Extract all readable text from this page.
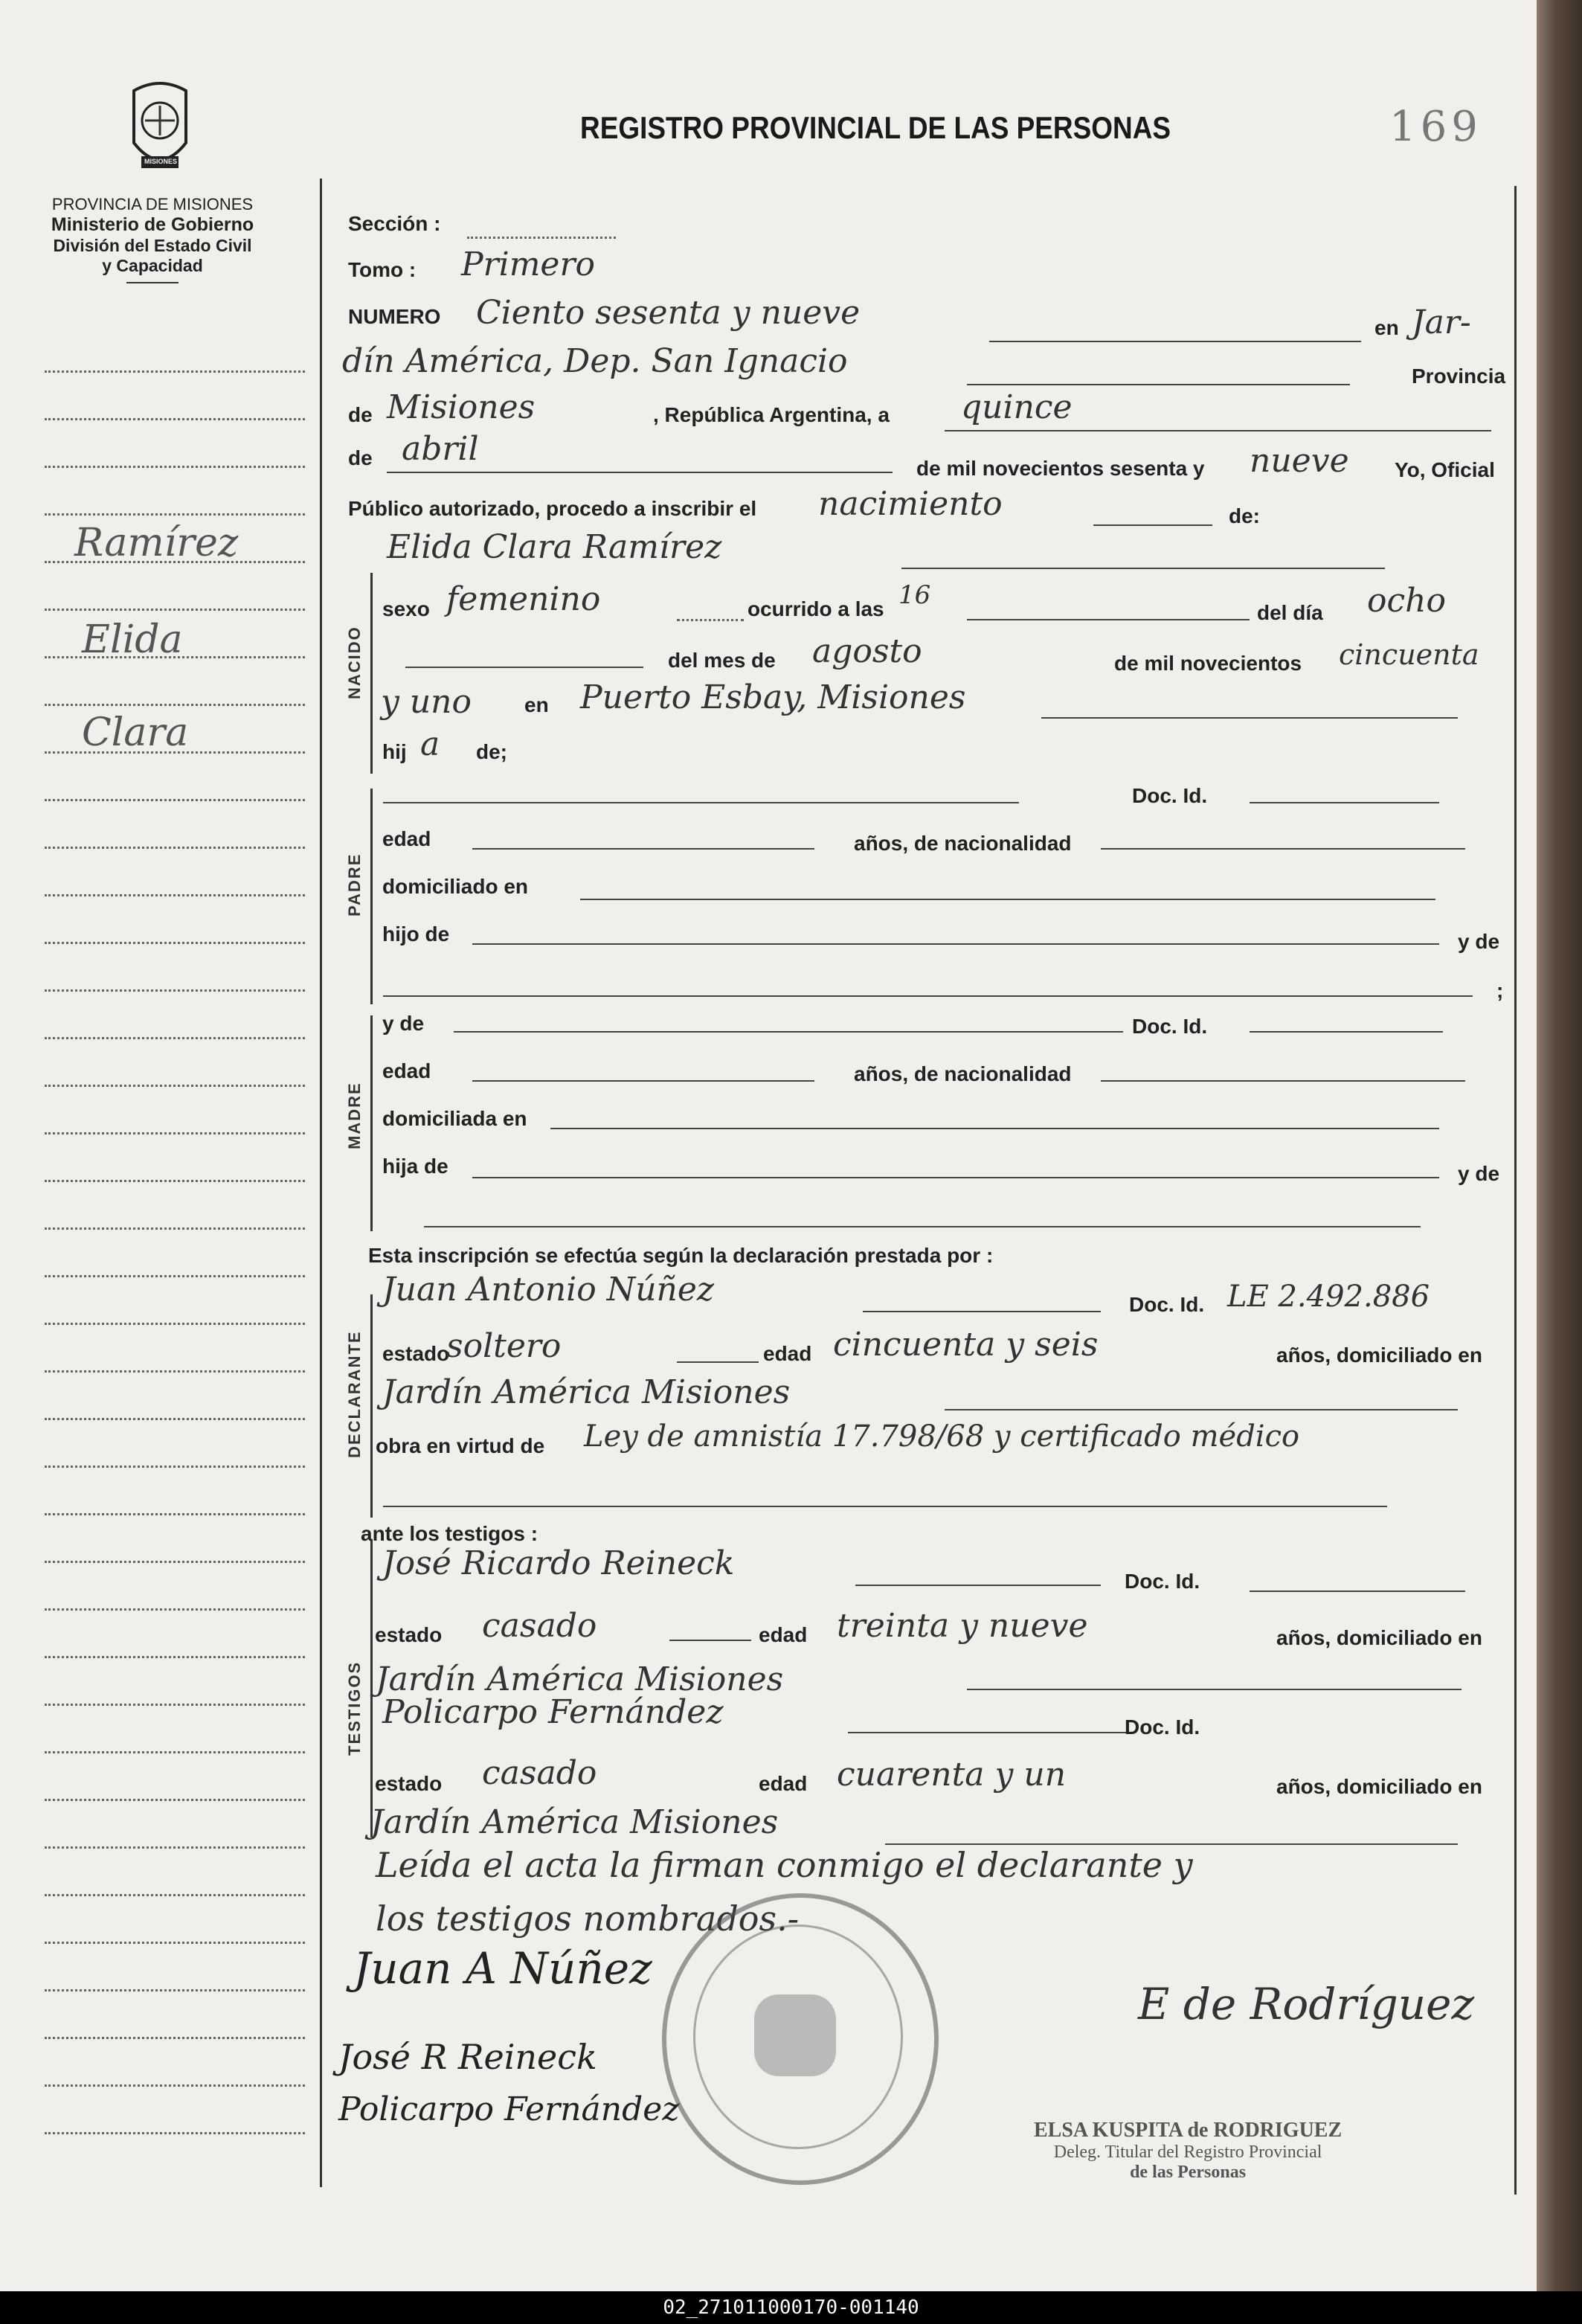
02_271011000170-001140
MISIONES
PROVINCIA DE MISIONES
Ministerio de Gobierno
División del Estado Civil
y Capacidad
REGISTRO PROVINCIAL DE LAS PERSONAS	169
Ramírez
Elida
Clara
NACIDO
PADRE
MADRE
DECLARANTE
TESTIGOS
Sección :
Tomo : Primero
NUMERO Ciento sesenta y nueve	en Jar-
dín América, Dep. San Ignacio	Provincia
de Misiones	, República Argentina, a quince
de abril
de mil novecientos sesenta y nueve Yo, Oficial
Público autorizado, procedo a inscribir el nacimiento	de:
Elida Clara Ramírez
sexo femenino	ocurrido a las 16
del día ocho
del mes de agosto	de mil novecientos cincuenta
y uno	en Puerto Esbay, Misiones
hij a de;
Doc. Id.
edad	años, de nacionalidad
domiciliado en
hijo de	y de
;
y de	Doc. Id.
edad	años, de nacionalidad
domiciliada en
hija de	y de
Esta inscripción se efectúa según la declaración prestada por :
Juan Antonio Núñez	Doc. Id. LE 2.492.886
estado
soltero	edad cincuenta y seis	años, domiciliado en
Jardín América Misiones
obra en virtud de Ley de amnistía 17.798/68 y certificado médico
ante los testigos :
José Ricardo Reineck	Doc. Id.
estado casado	edad treinta y nueve	años, domiciliado en
Jardín América Misiones
Policarpo Fernández	Doc. Id.
estado casado	edad cuarenta y un	años, domiciliado en
Jardín América Misiones
Leída el acta la firman conmigo el declarante y
los testigos nombrados.-
Juan A Núñez
José R Reineck
Policarpo Fernández
E de Rodríguez
ELSA KUSPITA de RODRIGUEZ
Deleg. Titular del Registro Provincial
de las Personas
